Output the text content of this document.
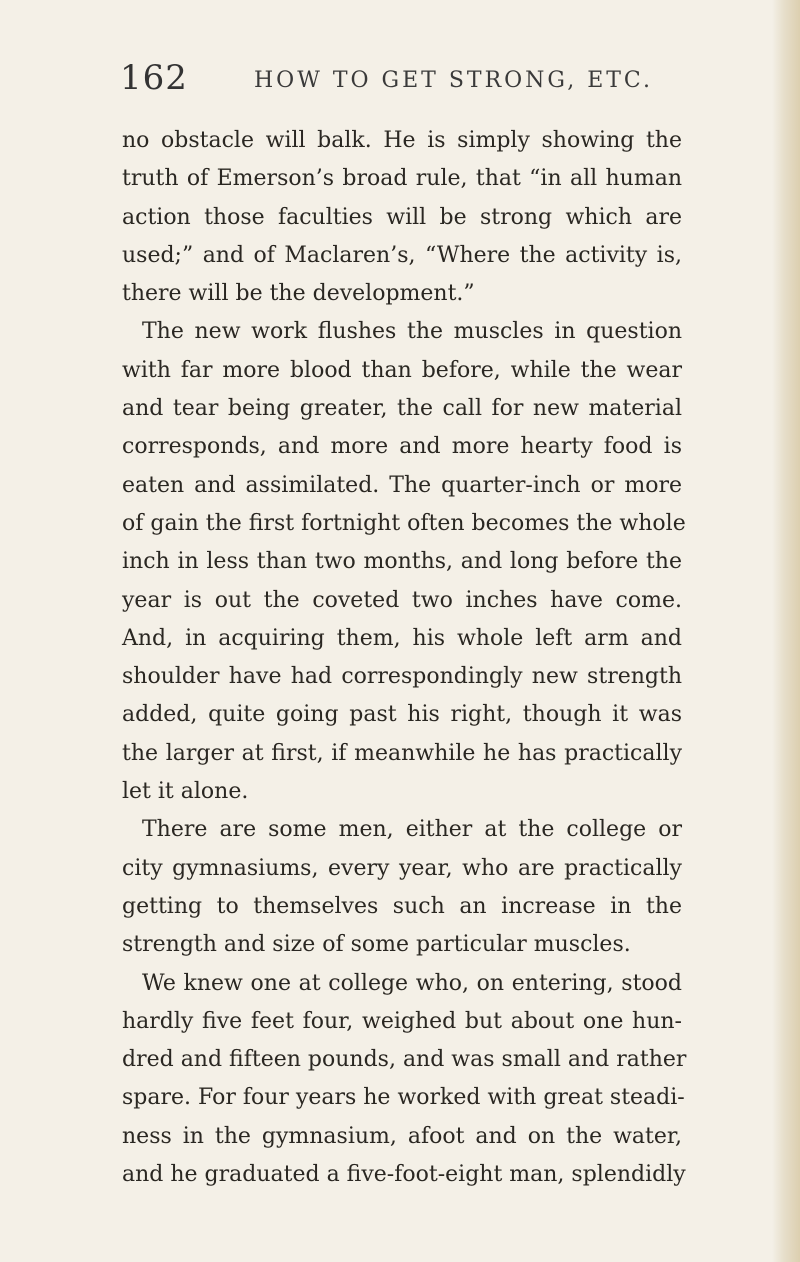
162	HOW TO GET STRONG, ETC.
no obstacle will balk. He is simply showing the
truth of Emerson’s broad rule, that “in all human
action those faculties will be strong which are
used;” and of Maclaren’s, “Where the activity is,
there will be the development.”
The new work flushes the muscles in question
with far more blood than before, while the wear
and tear being greater, the call for new material
corresponds, and more and more hearty food is
eaten and assimilated. The quarter-inch or more
of gain the first fortnight often becomes the whole
inch in less than two months, and long before the
year is out the coveted two inches have come.
And, in acquiring them, his whole left arm and
shoulder have had correspondingly new strength
added, quite going past his right, though it was
the larger at first, if meanwhile he has practically
let it alone.
There are some men, either at the college or
city gymnasiums, every year, who are practically
getting to themselves such an increase in the
strength and size of some particular muscles.
We knew one at college who, on entering, stood
hardly five feet four, weighed but about one hun-
dred and fifteen pounds, and was small and rather
spare. For four years he worked with great steadi-
ness in the gymnasium, afoot and on the water,
and he graduated a five-foot-eight man, splendidly
